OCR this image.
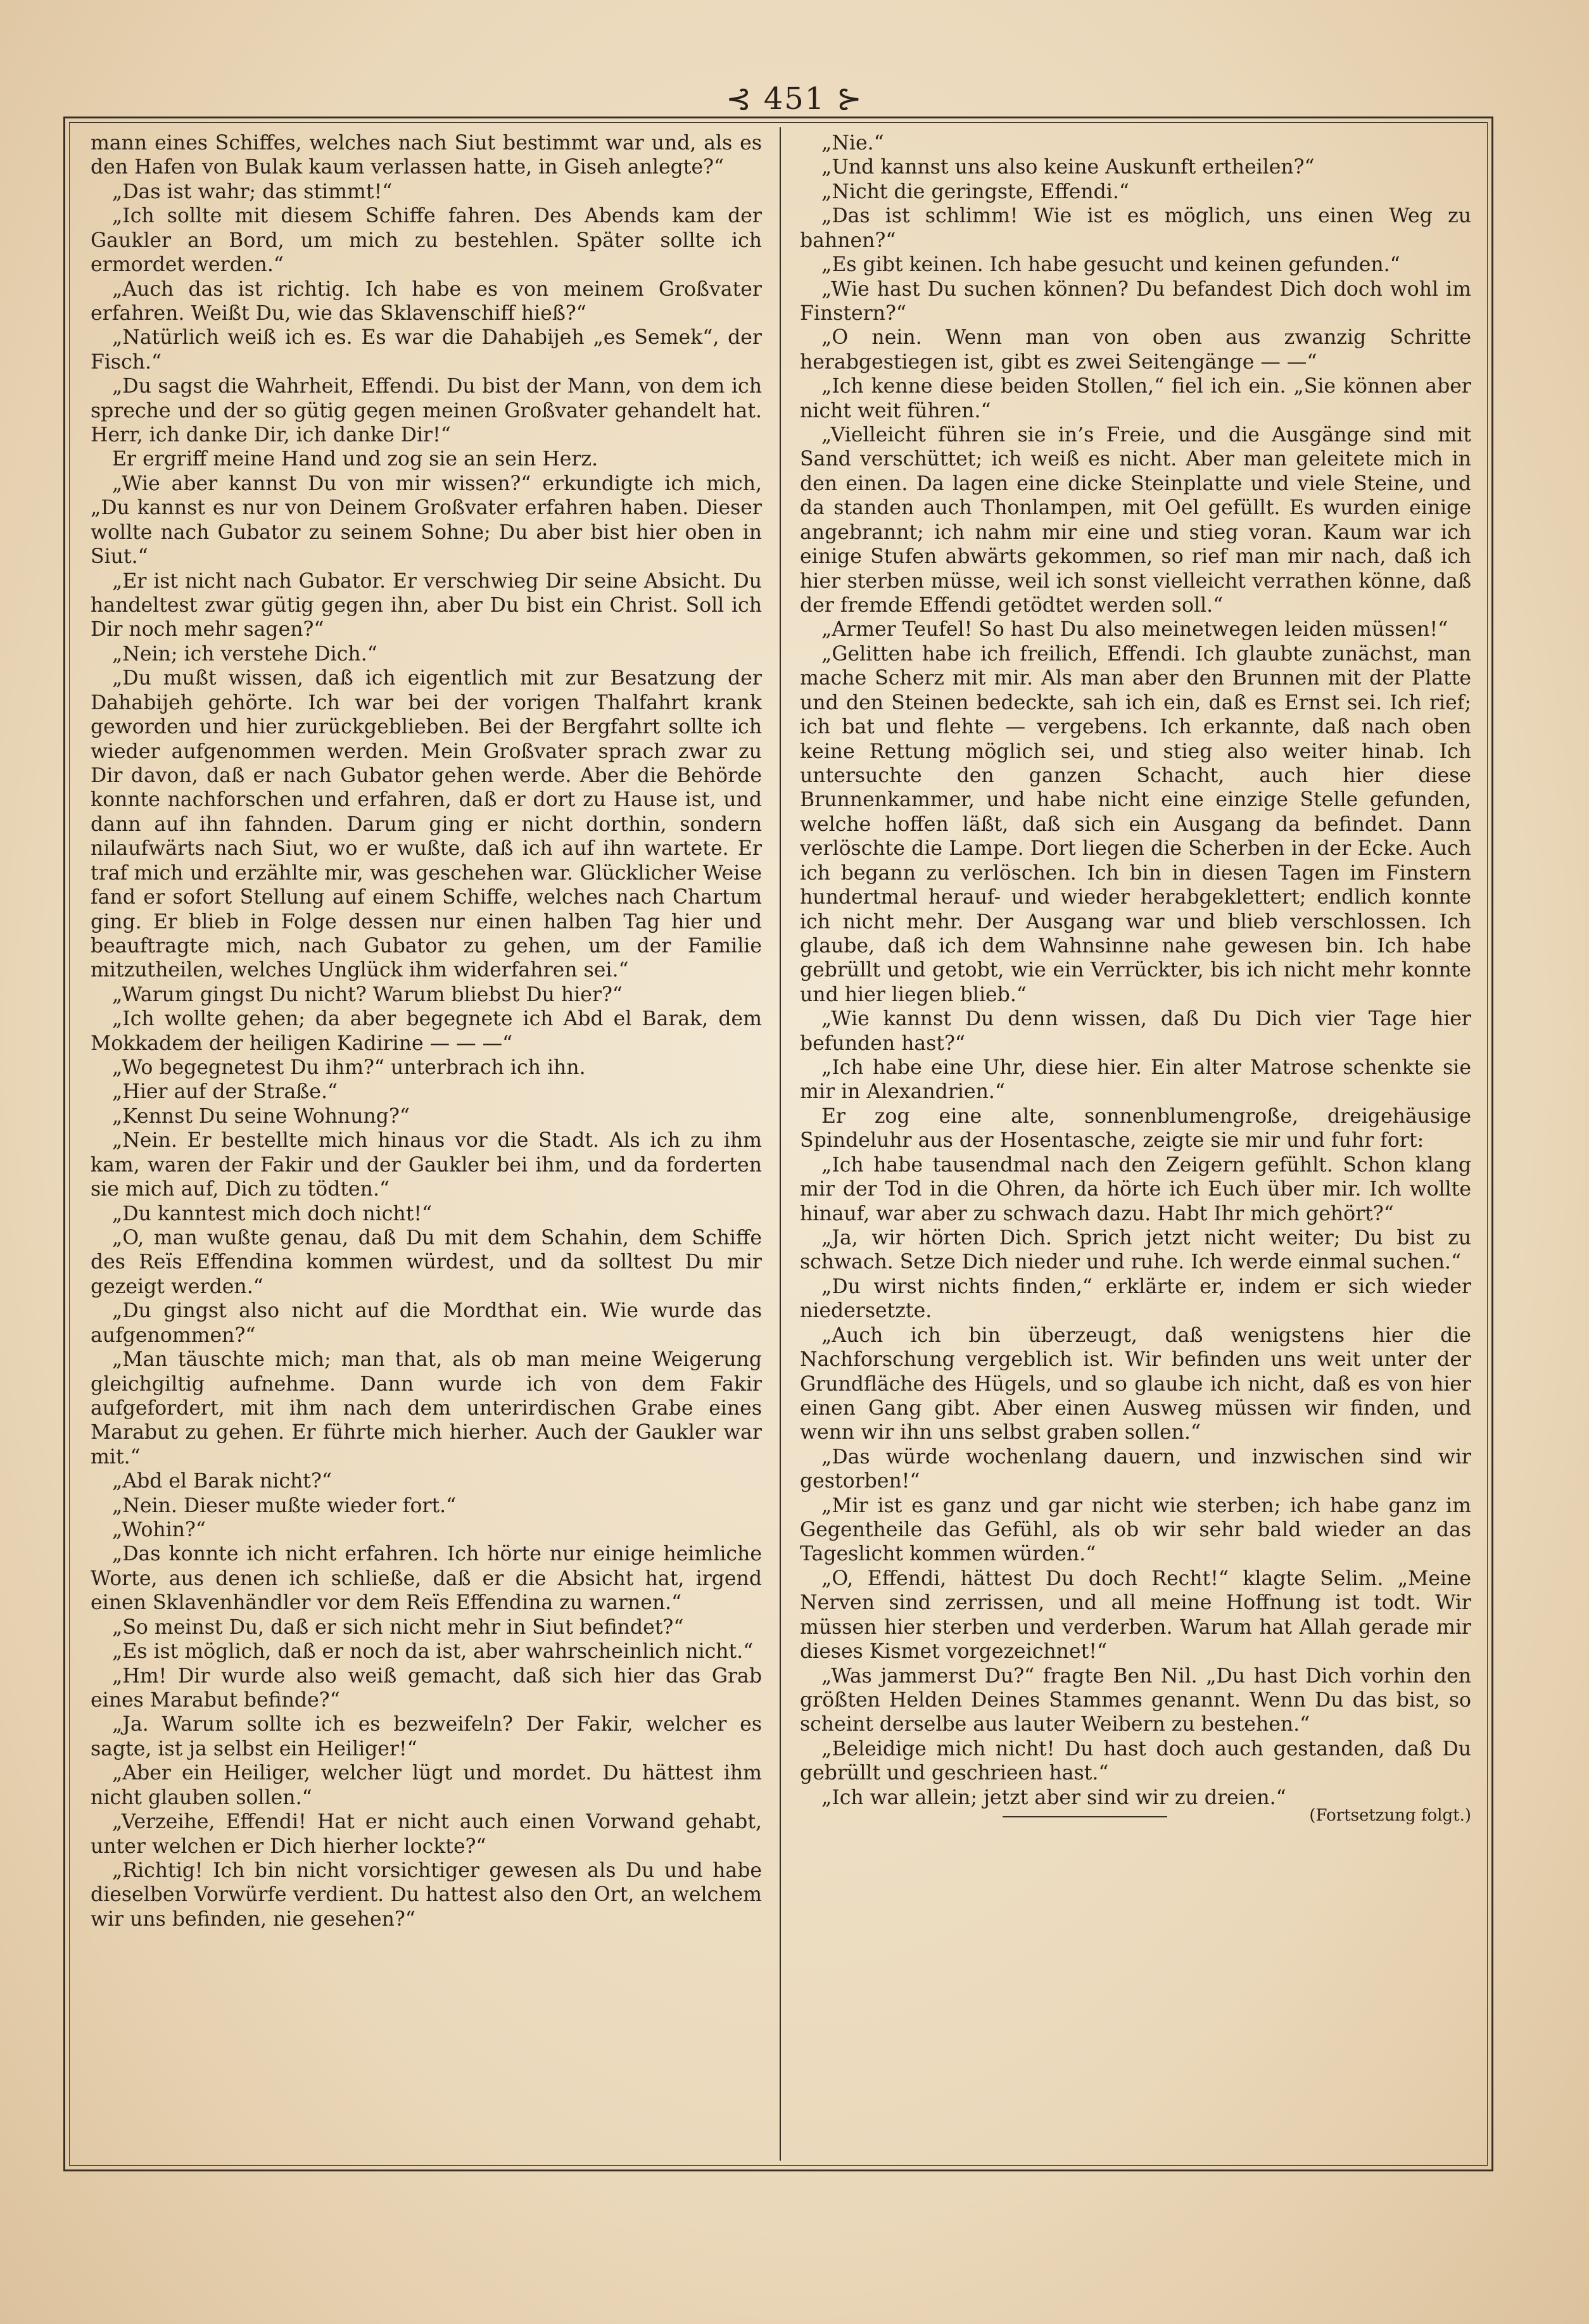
⊰ 451 ⊱

mann eines Schiffes, welches nach Siut bestimmt war und, als es den Hafen von Bulak kaum verlassen hatte, in Giseh anlegte?“

„Das ist wahr; das stimmt!“

„Ich sollte mit diesem Schiffe fahren. Des Abends kam der Gaukler an Bord, um mich zu bestehlen. Später sollte ich ermordet werden.“

„Auch das ist richtig. Ich habe es von meinem Großvater erfahren. Weißt Du, wie das Sklavenschiff hieß?“

„Natürlich weiß ich es. Es war die Dahabijeh „es Semek“, der Fisch.“

„Du sagst die Wahrheit, Effendi. Du bist der Mann, von dem ich spreche und der so gütig gegen meinen Großvater gehandelt hat. Herr, ich danke Dir, ich danke Dir!“

Er ergriff meine Hand und zog sie an sein Herz.

„Wie aber kannst Du von mir wissen?“ erkundigte ich mich, „Du kannst es nur von Deinem Großvater erfahren haben. Dieser wollte nach Gubator zu seinem Sohne; Du aber bist hier oben in Siut.“

„Er ist nicht nach Gubator. Er verschwieg Dir seine Absicht. Du handeltest zwar gütig gegen ihn, aber Du bist ein Christ. Soll ich Dir noch mehr sagen?“

„Nein; ich verstehe Dich.“

„Du mußt wissen, daß ich eigentlich mit zur Besatzung der Dahabijeh gehörte. Ich war bei der vorigen Thalfahrt krank geworden und hier zurückgeblieben. Bei der Bergfahrt sollte ich wieder aufgenommen werden. Mein Großvater sprach zwar zu Dir davon, daß er nach Gubator gehen werde. Aber die Behörde konnte nachforschen und erfahren, daß er dort zu Hause ist, und dann auf ihn fahnden. Darum ging er nicht dorthin, sondern nilaufwärts nach Siut, wo er wußte, daß ich auf ihn wartete. Er traf mich und erzählte mir, was geschehen war. Glücklicher Weise fand er sofort Stellung auf einem Schiffe, welches nach Chartum ging. Er blieb in Folge dessen nur einen halben Tag hier und beauftragte mich, nach Gubator zu gehen, um der Familie mitzutheilen, welches Unglück ihm widerfahren sei.“

„Warum gingst Du nicht? Warum bliebst Du hier?“

„Ich wollte gehen; da aber begegnete ich Abd el Barak, dem Mokkadem der heiligen Kadirine — — —“

„Wo begegnetest Du ihm?“ unterbrach ich ihn.

„Hier auf der Straße.“

„Kennst Du seine Wohnung?“

„Nein. Er bestellte mich hinaus vor die Stadt. Als ich zu ihm kam, waren der Fakir und der Gaukler bei ihm, und da forderten sie mich auf, Dich zu tödten.“

„Du kanntest mich doch nicht!“

„O, man wußte genau, daß Du mit dem Schahin, dem Schiffe des Reïs Effendina kommen würdest, und da solltest Du mir gezeigt werden.“

„Du gingst also nicht auf die Mordthat ein. Wie wurde das aufgenommen?“

„Man täuschte mich; man that, als ob man meine Weigerung gleichgiltig aufnehme. Dann wurde ich von dem Fakir aufgefordert, mit ihm nach dem unterirdischen Grabe eines Marabut zu gehen. Er führte mich hierher. Auch der Gaukler war mit.“

„Abd el Barak nicht?“

„Nein. Dieser mußte wieder fort.“

„Wohin?“

„Das konnte ich nicht erfahren. Ich hörte nur einige heimliche Worte, aus denen ich schließe, daß er die Absicht hat, irgend einen Sklavenhändler vor dem Reïs Effendina zu warnen.“

„So meinst Du, daß er sich nicht mehr in Siut befindet?“

„Es ist möglich, daß er noch da ist, aber wahrscheinlich nicht.“

„Hm! Dir wurde also weiß gemacht, daß sich hier das Grab eines Marabut befinde?“

„Ja. Warum sollte ich es bezweifeln? Der Fakir, welcher es sagte, ist ja selbst ein Heiliger!“

„Aber ein Heiliger, welcher lügt und mordet. Du hättest ihm nicht glauben sollen.“

„Verzeihe, Effendi! Hat er nicht auch einen Vorwand gehabt, unter welchen er Dich hierher lockte?“

„Richtig! Ich bin nicht vorsichtiger gewesen als Du und habe dieselben Vorwürfe verdient. Du hattest also den Ort, an welchem wir uns befinden, nie gesehen?“

„Nie.“

„Und kannst uns also keine Auskunft ertheilen?“

„Nicht die geringste, Effendi.“

„Das ist schlimm! Wie ist es möglich, uns einen Weg zu bahnen?“

„Es gibt keinen. Ich habe gesucht und keinen gefunden.“

„Wie hast Du suchen können? Du befandest Dich doch wohl im Finstern?“

„O nein. Wenn man von oben aus zwanzig Schritte herabgestiegen ist, gibt es zwei Seitengänge — —“

„Ich kenne diese beiden Stollen,“ fiel ich ein. „Sie können aber nicht weit führen.“

„Vielleicht führen sie in’s Freie, und die Ausgänge sind mit Sand verschüttet; ich weiß es nicht. Aber man geleitete mich in den einen. Da lagen eine dicke Steinplatte und viele Steine, und da standen auch Thonlampen, mit Oel gefüllt. Es wurden einige angebrannt; ich nahm mir eine und stieg voran. Kaum war ich einige Stufen abwärts gekommen, so rief man mir nach, daß ich hier sterben müsse, weil ich sonst vielleicht verrathen könne, daß der fremde Effendi getödtet werden soll.“

„Armer Teufel! So hast Du also meinetwegen leiden müssen!“

„Gelitten habe ich freilich, Effendi. Ich glaubte zunächst, man mache Scherz mit mir. Als man aber den Brunnen mit der Platte und den Steinen bedeckte, sah ich ein, daß es Ernst sei. Ich rief; ich bat und flehte — vergebens. Ich erkannte, daß nach oben keine Rettung möglich sei, und stieg also weiter hinab. Ich untersuchte den ganzen Schacht, auch hier diese Brunnenkammer, und habe nicht eine einzige Stelle gefunden, welche hoffen läßt, daß sich ein Ausgang da befindet. Dann verlöschte die Lampe. Dort liegen die Scherben in der Ecke. Auch ich begann zu verlöschen. Ich bin in diesen Tagen im Finstern hundertmal herauf- und wieder herabgeklettert; endlich konnte ich nicht mehr. Der Ausgang war und blieb verschlossen. Ich glaube, daß ich dem Wahnsinne nahe gewesen bin. Ich habe gebrüllt und getobt, wie ein Verrückter, bis ich nicht mehr konnte und hier liegen blieb.“

„Wie kannst Du denn wissen, daß Du Dich vier Tage hier befunden hast?“

„Ich habe eine Uhr, diese hier. Ein alter Matrose schenkte sie mir in Alexandrien.“

Er zog eine alte, sonnenblumengroße, dreigehäusige Spindeluhr aus der Hosentasche, zeigte sie mir und fuhr fort:

„Ich habe tausendmal nach den Zeigern gefühlt. Schon klang mir der Tod in die Ohren, da hörte ich Euch über mir. Ich wollte hinauf, war aber zu schwach dazu. Habt Ihr mich gehört?“

„Ja, wir hörten Dich. Sprich jetzt nicht weiter; Du bist zu schwach. Setze Dich nieder und ruhe. Ich werde einmal suchen.“

„Du wirst nichts finden,“ erklärte er, indem er sich wieder niedersetzte.

„Auch ich bin überzeugt, daß wenigstens hier die Nachforschung vergeblich ist. Wir befinden uns weit unter der Grundfläche des Hügels, und so glaube ich nicht, daß es von hier einen Gang gibt. Aber einen Ausweg müssen wir finden, und wenn wir ihn uns selbst graben sollen.“

„Das würde wochenlang dauern, und inzwischen sind wir gestorben!“

„Mir ist es ganz und gar nicht wie sterben; ich habe ganz im Gegentheile das Gefühl, als ob wir sehr bald wieder an das Tageslicht kommen würden.“

„O, Effendi, hättest Du doch Recht!“ klagte Selim. „Meine Nerven sind zerrissen, und all meine Hoffnung ist todt. Wir müssen hier sterben und verderben. Warum hat Allah gerade mir dieses Kismet vorgezeichnet!“

„Was jammerst Du?“ fragte Ben Nil. „Du hast Dich vorhin den größten Helden Deines Stammes genannt. Wenn Du das bist, so scheint derselbe aus lauter Weibern zu bestehen.“

„Beleidige mich nicht! Du hast doch auch gestanden, daß Du gebrüllt und geschrieen hast.“

„Ich war allein; jetzt aber sind wir zu dreien.“

(Fortsetzung folgt.)
